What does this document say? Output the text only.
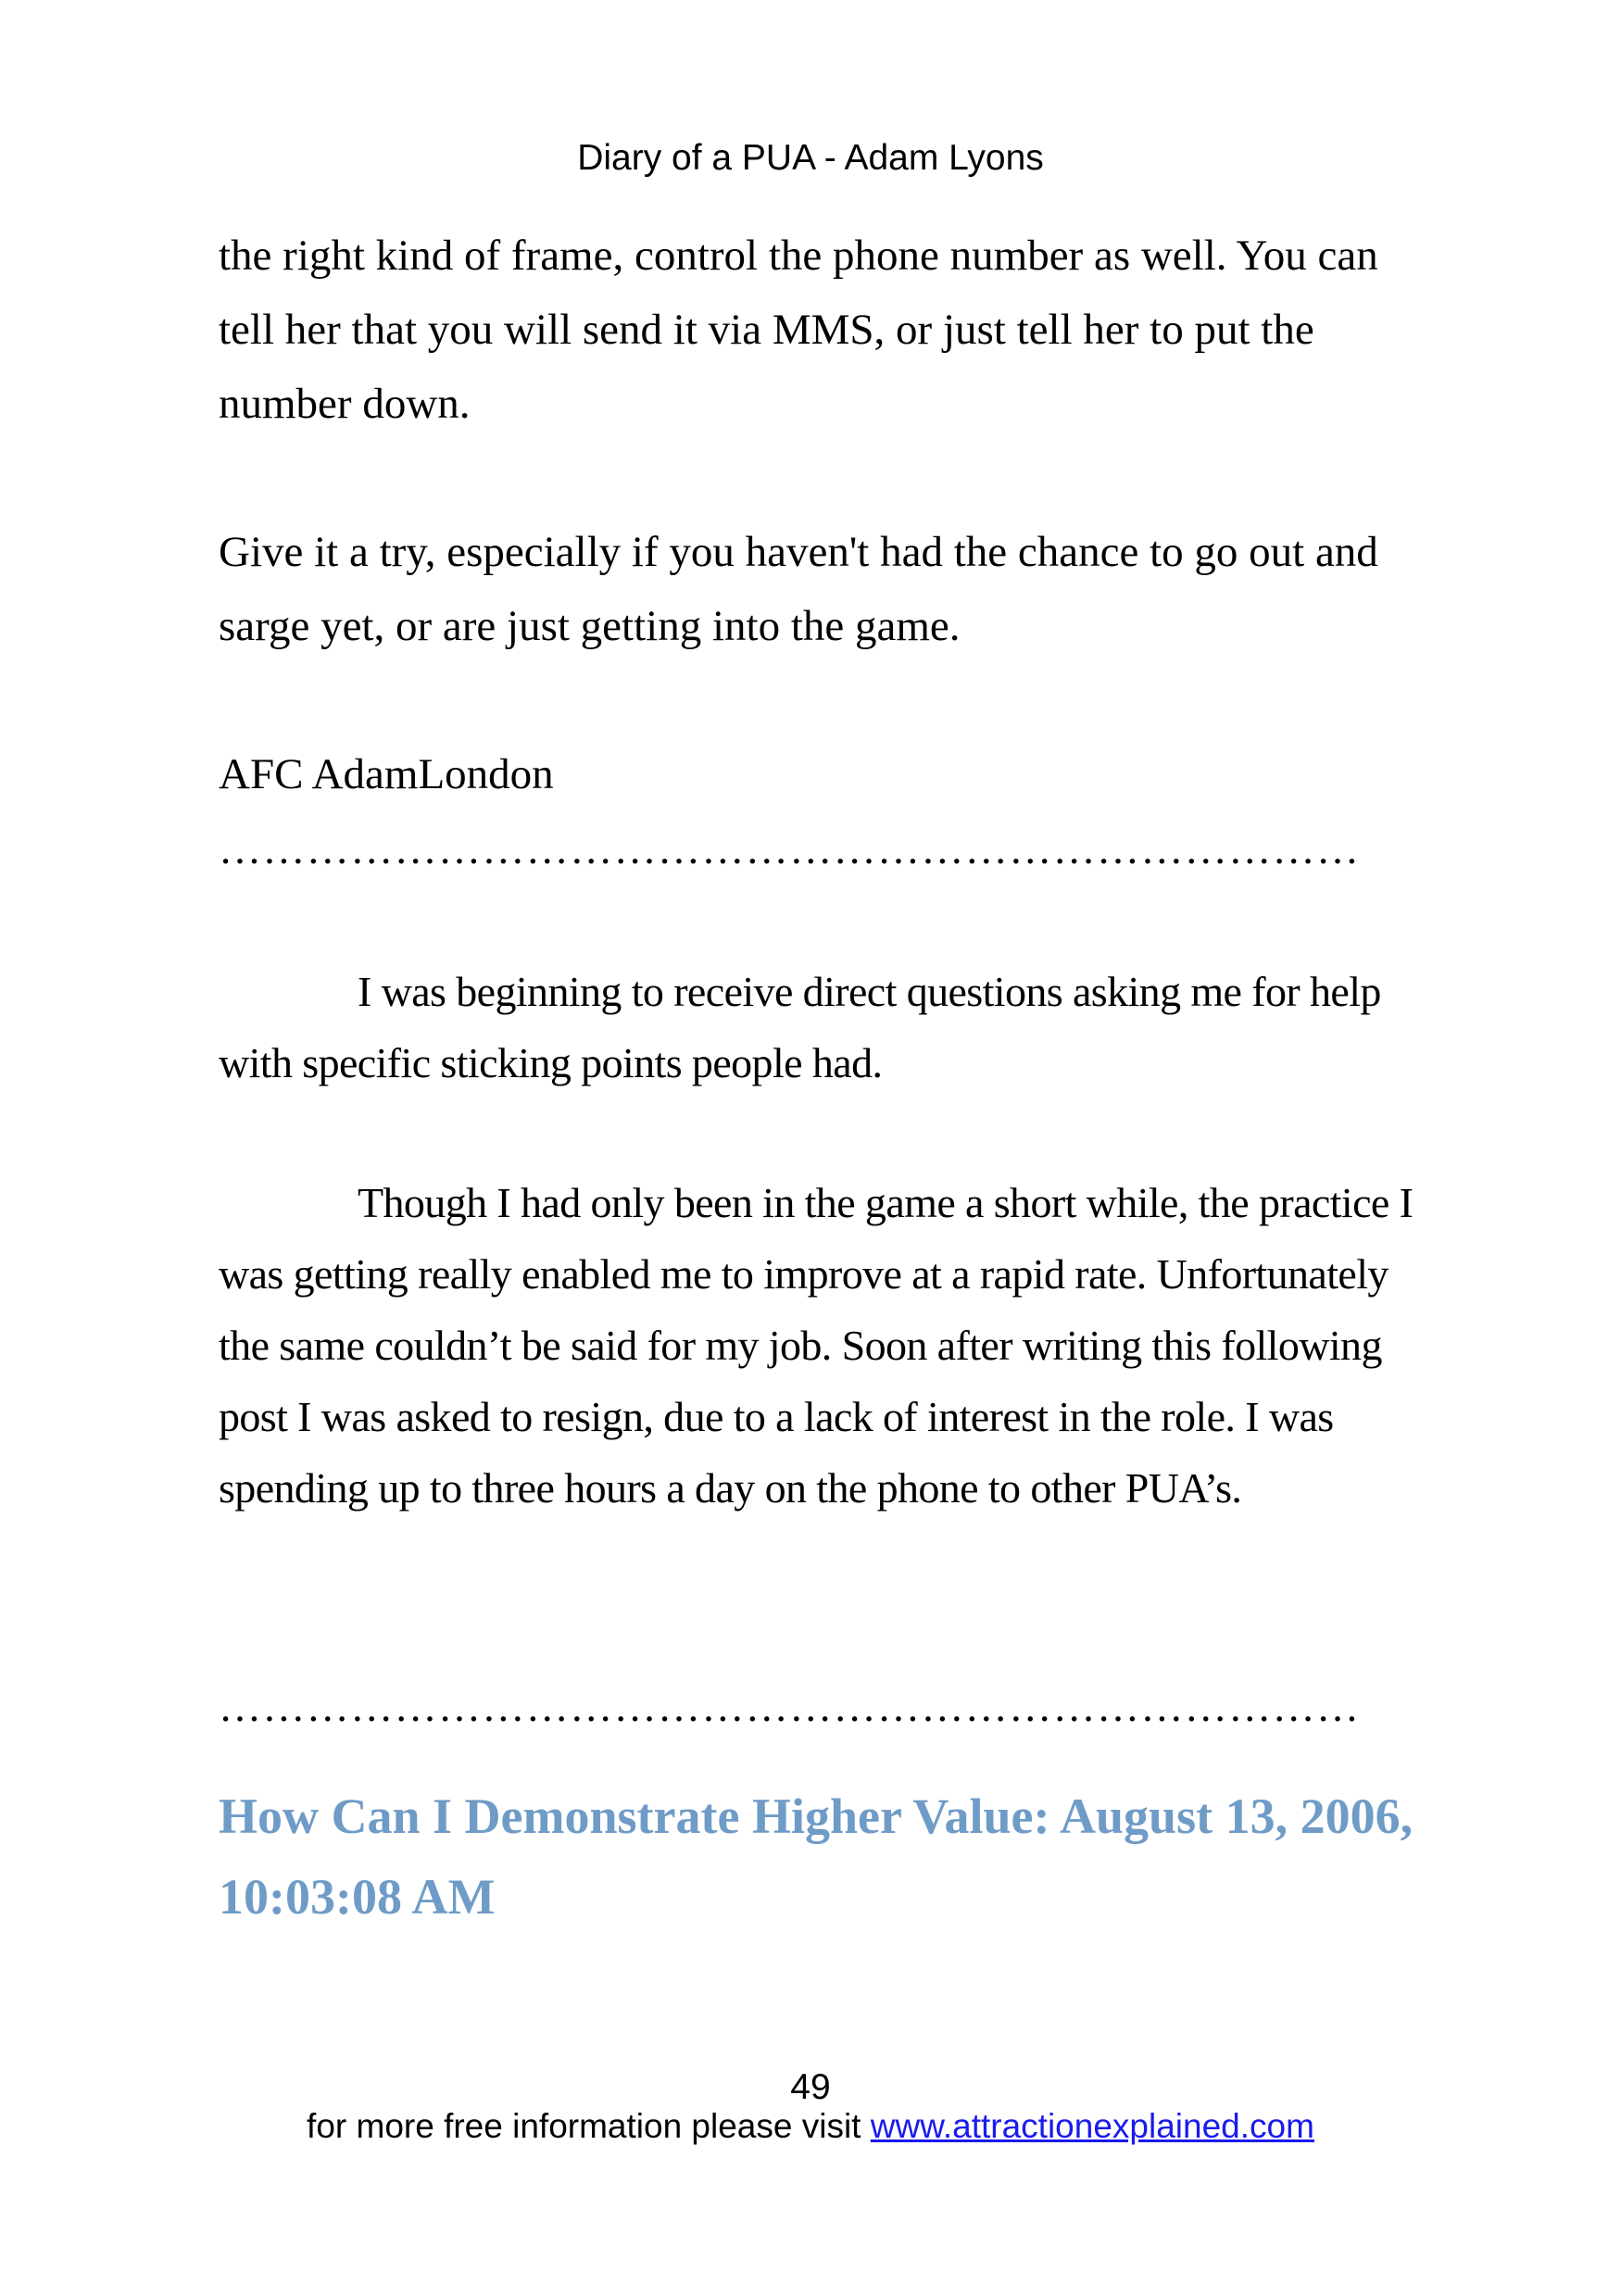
Diary of a PUA - Adam Lyons

the right kind of frame, control the phone number as well. You can tell her that you will send it via MMS, or just tell her to put the number down.

Give it a try, especially if you haven't had the chance to go out and sarge yet, or are just getting into the game.

AFC AdamLondon

……………………………………………………………………

I was beginning to receive direct questions asking me for help with specific sticking points people had.

Though I had only been in the game a short while, the practice I was getting really enabled me to improve at a rapid rate. Unfortunately the same couldn’t be said for my job. Soon after writing this following post I was asked to resign, due to a lack of interest in the role. I was spending up to three hours a day on the phone to other PUA’s.

……………………………………………………………………
How Can I Demonstrate Higher Value: August 13, 2006, 10:03:08 AM
49
for more free information please visit www.attractionexplained.com
